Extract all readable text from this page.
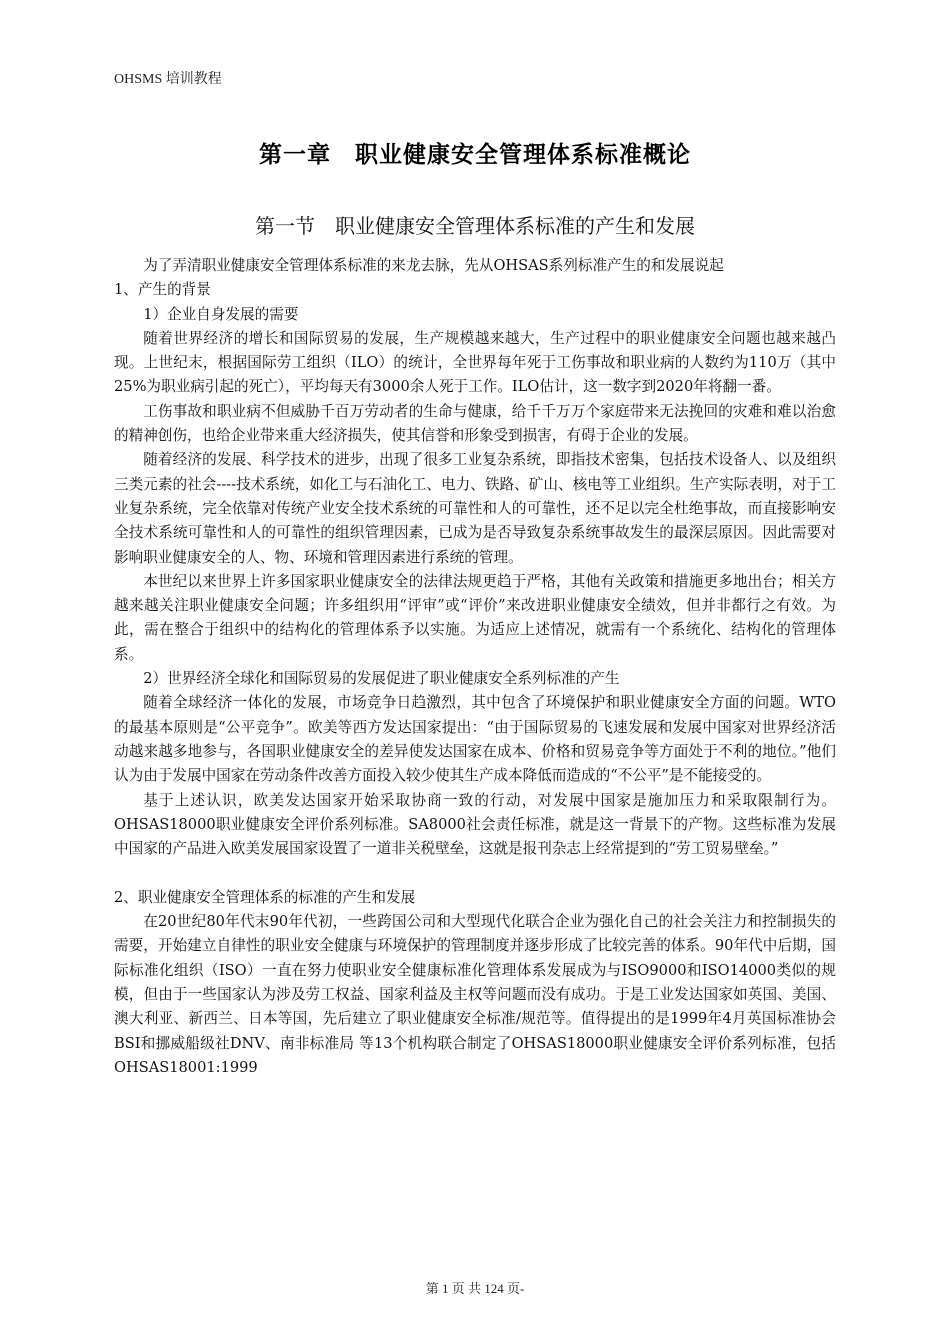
OHSMS 培训教程
第一章　职业健康安全管理体系标准概论
第一节　职业健康安全管理体系标准的产生和发展

为了弄清职业健康安全管理体系标准的来龙去脉，先从OHSAS系列标准产生的和发展说起

1、产生的背景

1）企业自身发展的需要

随着世界经济的增长和国际贸易的发展，生产规模越来越大，生产过程中的职业健康安全问题也越来越凸现。上世纪末，根据国际劳工组织（ILO）的统计，全世界每年死于工伤事故和职业病的人数约为110万（其中25%为职业病引起的死亡），平均每天有3000余人死于工作。ILO估计，这一数字到2020年将翻一番。

工伤事故和职业病不但威胁千百万劳动者的生命与健康，给千千万万个家庭带来无法挽回的灾难和难以治愈的精神创伤，也给企业带来重大经济损失，使其信誉和形象受到损害，有碍于企业的发展。

随着经济的发展、科学技术的进步，出现了很多工业复杂系统，即指技术密集，包括技术设备人、以及组织三类元素的社会----技术系统，如化工与石油化工、电力、铁路、矿山、核电等工业组织。生产实际表明，对于工业复杂系统，完全依靠对传统产业安全技术系统的可靠性和人的可靠性，还不足以完全杜绝事故，而直接影响安全技术系统可靠性和人的可靠性的组织管理因素，已成为是否导致复杂系统事故发生的最深层原因。因此需要对影响职业健康安全的人、物、环境和管理因素进行系统的管理。

本世纪以来世界上许多国家职业健康安全的法律法规更趋于严格，其他有关政策和措施更多地出台；相关方越来越关注职业健康安全问题；许多组织用“评审”或“评价”来改进职业健康安全绩效，但并非都行之有效。为此，需在整合于组织中的结构化的管理体系予以实施。为适应上述情况，就需有一个系统化、结构化的管理体系。

2）世界经济全球化和国际贸易的发展促进了职业健康安全系列标准的产生

随着全球经济一体化的发展，市场竞争日趋激烈，其中包含了环境保护和职业健康安全方面的问题。WTO的最基本原则是“公平竞争”。欧美等西方发达国家提出：“由于国际贸易的飞速发展和发展中国家对世界经济活动越来越多地参与，各国职业健康安全的差异使发达国家在成本、价格和贸易竞争等方面处于不利的地位。”他们认为由于发展中国家在劳动条件改善方面投入较少使其生产成本降低而造成的“不公平”是不能接受的。

基于上述认识，欧美发达国家开始采取协商一致的行动，对发展中国家是施加压力和采取限制行为。OHSAS18000职业健康安全评价系列标准。SA8000社会责任标准，就是这一背景下的产物。这些标准为发展中国家的产品进入欧美发展国家设置了一道非关税壁垒，这就是报刊杂志上经常提到的“劳工贸易壁垒。”

2、职业健康安全管理体系的标准的产生和发展

在20世纪80年代末90年代初，一些跨国公司和大型现代化联合企业为强化自己的社会关注力和控制损失的需要，开始建立自律性的职业安全健康与环境保护的管理制度并逐步形成了比较完善的体系。90年代中后期，国际标准化组织（ISO）一直在努力使职业安全健康标准化管理体系发展成为与ISO9000和ISO14000类似的规模，但由于一些国家认为涉及劳工权益、国家利益及主权等问题而没有成功。于是工业发达国家如英国、美国、澳大利亚、新西兰、日本等国，先后建立了职业健康安全标准/规范等。值得提出的是1999年4月英国标准协会BSI和挪威船级社DNV、南非标准局 等13个机构联合制定了OHSAS18000职业健康安全评价系列标准，包括OHSAS18001:1999

第 1 页 共 124 页-
